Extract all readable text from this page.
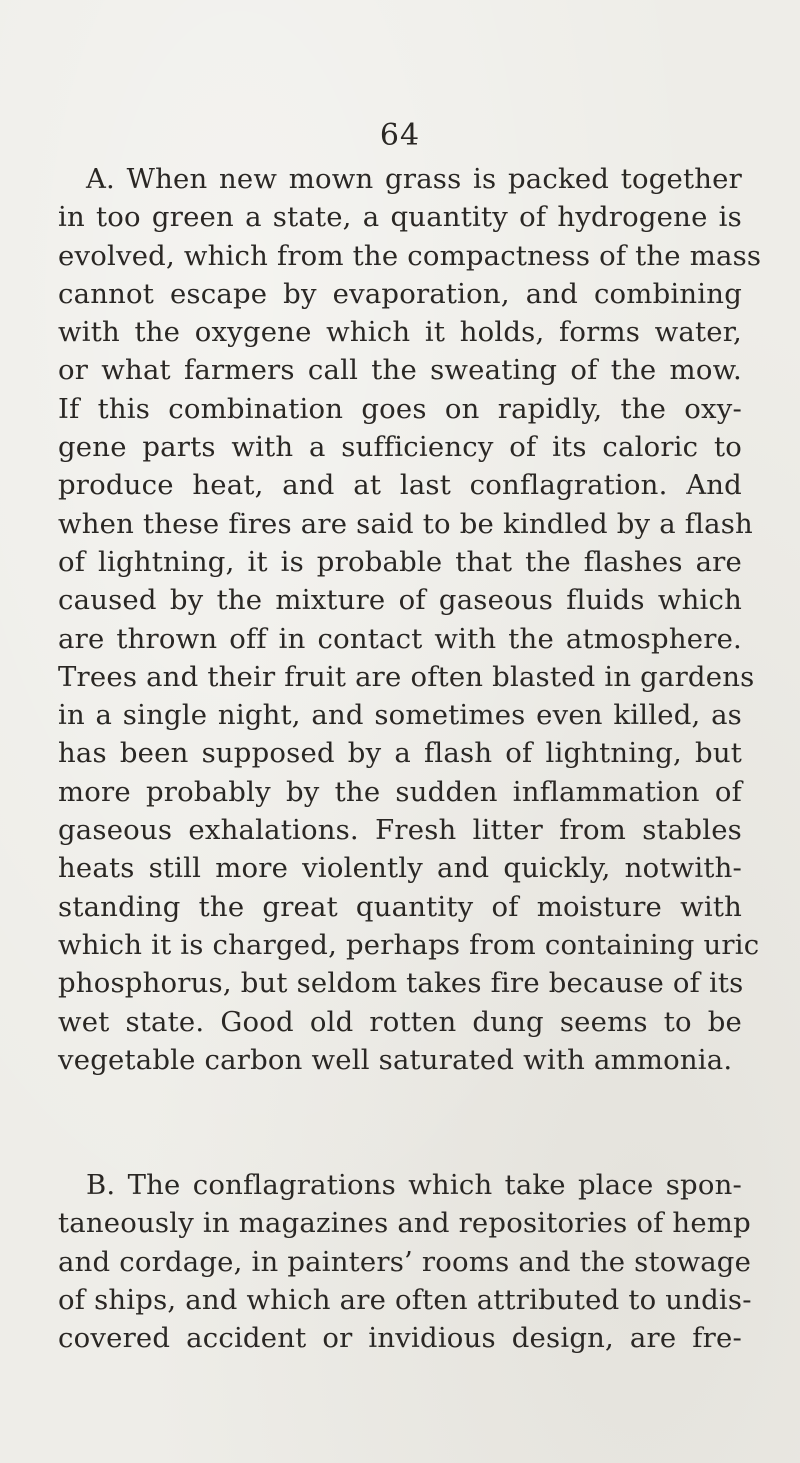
64
A. When new mown grass is packed together
in too green a state, a quantity of hydrogene is
evolved, which from the compactness of the mass
cannot escape by evaporation, and combining
with the oxygene which it holds, forms water,
or what farmers call the sweating of the mow.
If this combination goes on rapidly, the oxy-
gene parts with a sufficiency of its caloric to
produce heat, and at last conflagration. And
when these fires are said to be kindled by a flash
of lightning, it is probable that the flashes are
caused by the mixture of gaseous fluids which
are thrown off in contact with the atmosphere.
Trees and their fruit are often blasted in gardens
in a single night, and sometimes even killed, as
has been supposed by a flash of lightning, but
more probably by the sudden inflammation of
gaseous exhalations. Fresh litter from stables
heats still more violently and quickly, notwith-
standing the great quantity of moisture with
which it is charged, perhaps from containing uric
phosphorus, but seldom takes fire because of its
wet state. Good old rotten dung seems to be
vegetable carbon well saturated with ammonia.
B. The conflagrations which take place spon-
taneously in magazines and repositories of hemp
and cordage, in painters’ rooms and the stowage
of ships, and which are often attributed to undis-
covered accident or invidious design, are fre-
